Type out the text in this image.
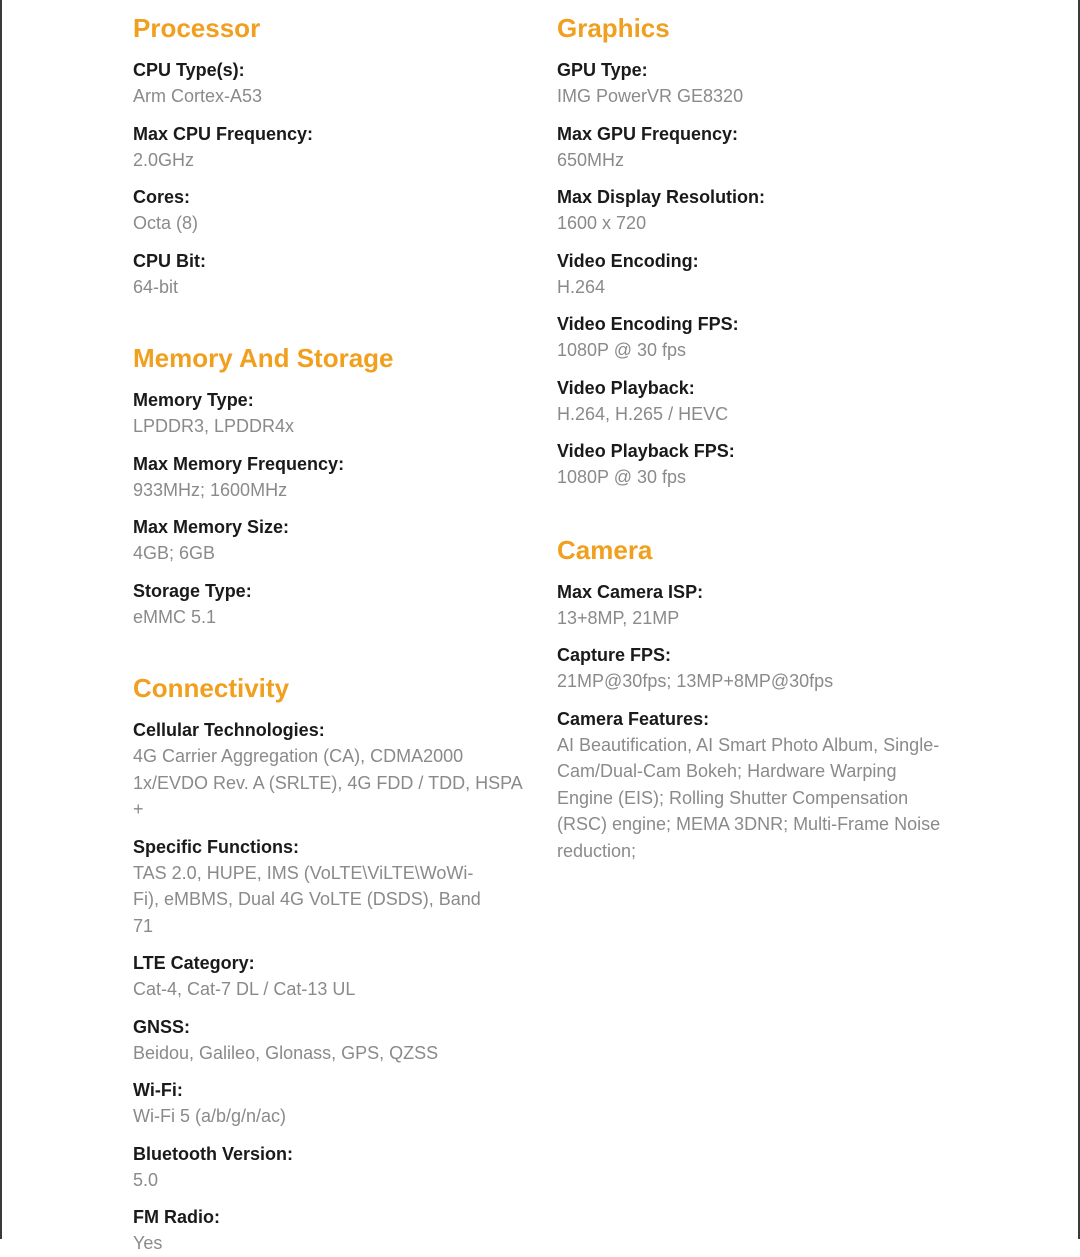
Processor
CPU Type(s):
Arm Cortex-A53
Max CPU Frequency:
2.0GHz
Cores:
Octa (8)
CPU Bit:
64-bit
Memory And Storage
Memory Type:
LPDDR3, LPDDR4x
Max Memory Frequency:
933MHz; 1600MHz
Max Memory Size:
4GB; 6GB
Storage Type:
eMMC 5.1
Connectivity
Cellular Technologies:
4G Carrier Aggregation (CA), CDMA2000 1x/EVDO Rev. A (SRLTE), 4G FDD / TDD, HSPA +
Specific Functions:
TAS 2.0, HUPE, IMS (VoLTE\ViLTE\WoWi-Fi), eMBMS, Dual 4G VoLTE (DSDS), Band 71
LTE Category:
Cat-4, Cat-7 DL / Cat-13 UL
GNSS:
Beidou, Galileo, Glonass, GPS, QZSS
Wi-Fi:
Wi-Fi 5 (a/b/g/n/ac)
Bluetooth Version:
5.0
FM Radio:
Yes
Graphics
GPU Type:
IMG PowerVR GE8320
Max GPU Frequency:
650MHz
Max Display Resolution:
1600 x 720
Video Encoding:
H.264
Video Encoding FPS:
1080P @ 30 fps
Video Playback:
H.264, H.265 / HEVC
Video Playback FPS:
1080P @ 30 fps
Camera
Max Camera ISP:
13+8MP, 21MP
Capture FPS:
21MP@30fps; 13MP+8MP@30fps
Camera Features:
AI Beautification, AI Smart Photo Album, Single-Cam/Dual-Cam Bokeh; Hardware Warping Engine (EIS); Rolling Shutter Compensation (RSC) engine; MEMA 3DNR; Multi-Frame Noise reduction;
